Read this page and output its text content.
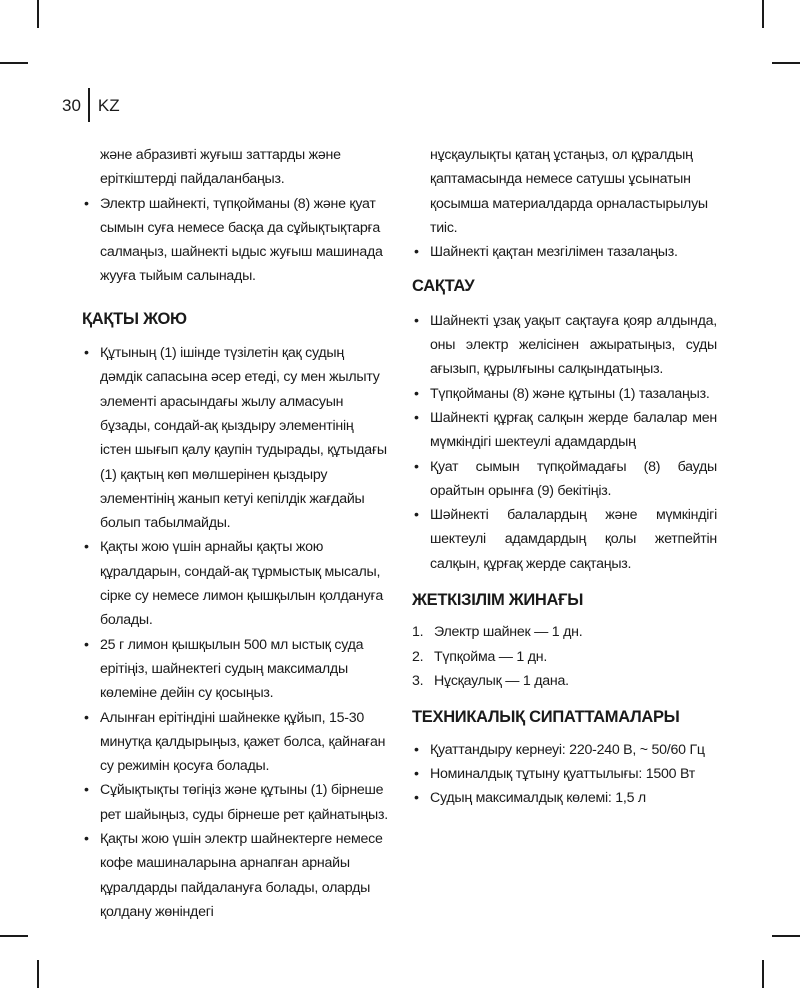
30 KZ

және абразивті жуғыш заттарды және еріткіштерді пайдаланбаңыз.

• Электр шайнекті, түпқойманы (8) және қуат сымын суға немесе басқа да сұйықтықтарға салмаңыз, шайнекті ыдыс жуғыш машинада жууға тыйым салынады.
ҚАҚТЫ ЖОЮ
• Құтының (1) ішінде түзілетін қақ судың дәмдік сапасына әсер етеді, су мен жылыту элементі арасындағы жылу алмасуын бұзады, сондай-ақ қыздыру элементінің істен шығып қалу қаупін тудырады, құтыдағы (1) қақтың көп мөлшерінен қыздыру элементінің жанып кетуі кепілдік жағдайы болып табылмайды.
• Қақты жою үшін арнайы қақты жою құралдарын, сондай-ақ тұрмыстық мысалы, сірке су немесе лимон қышқылын қолдануға болады.
• 25 г лимон қышқылын 500 мл ыстық суда ерітіңіз, шайнектегі судың максималды көлеміне дейін су қосыңыз.
• Алынған ерітіндіні шайнекке құйып, 15-30 минутқа қалдырыңыз, қажет болса, қайнаған су режимін қосуға болады.
• Сұйықтықты төгіңіз және құтыны (1) бірнеше рет шайыңыз, суды бірнеше рет қайнатыңыз.
• Қақты жою үшін электр шайнектерге немесе кофе машиналарына арнапған арнайы құралдарды пайдалануға болады, оларды қолдану жөніндегі

нұсқаулықты қатаң ұстаңыз, ол құралдың қаптамасында немесе сатушы ұсынатын қосымша материалдарда орналастырылуы тиіс.

• Шайнекті қақтан мезгілімен тазалаңыз.
САҚТАУ
• Шайнекті ұзақ уақыт сақтауға қояр алдында, оны электр желісінен ажыратыңыз, суды ағызып, құрылғыны салқындатыңыз.
• Түпқойманы (8) және құтыны (1) тазалаңыз.
• Шайнекті құрғақ салқын жерде балалар мен мүмкіндігі шектеулі адамдардың
• Қуат сымын түпқоймадағы (8) бауды орайтын орынға (9) бекітіңіз.
• Шәйнекті балалардың және мүмкіндігі шектеулі адамдардың қолы жетпейтін салқын, құрғақ жерде сақтаңыз.
ЖЕТКІЗІЛІМ ЖИНАҒЫ
1. Электр шайнек — 1 дн.
2. Түпқойма — 1 дн.
3. Нұсқаулық — 1 дана.
ТЕХНИКАЛЫҚ СИПАТТАМАЛАРЫ
• Қуаттандыру кернеуі: 220-240 В, ~ 50/60 Гц
• Номиналдық тұтыну қуаттылығы: 1500 Вт
• Судың максималдық көлемі: 1,5 л
